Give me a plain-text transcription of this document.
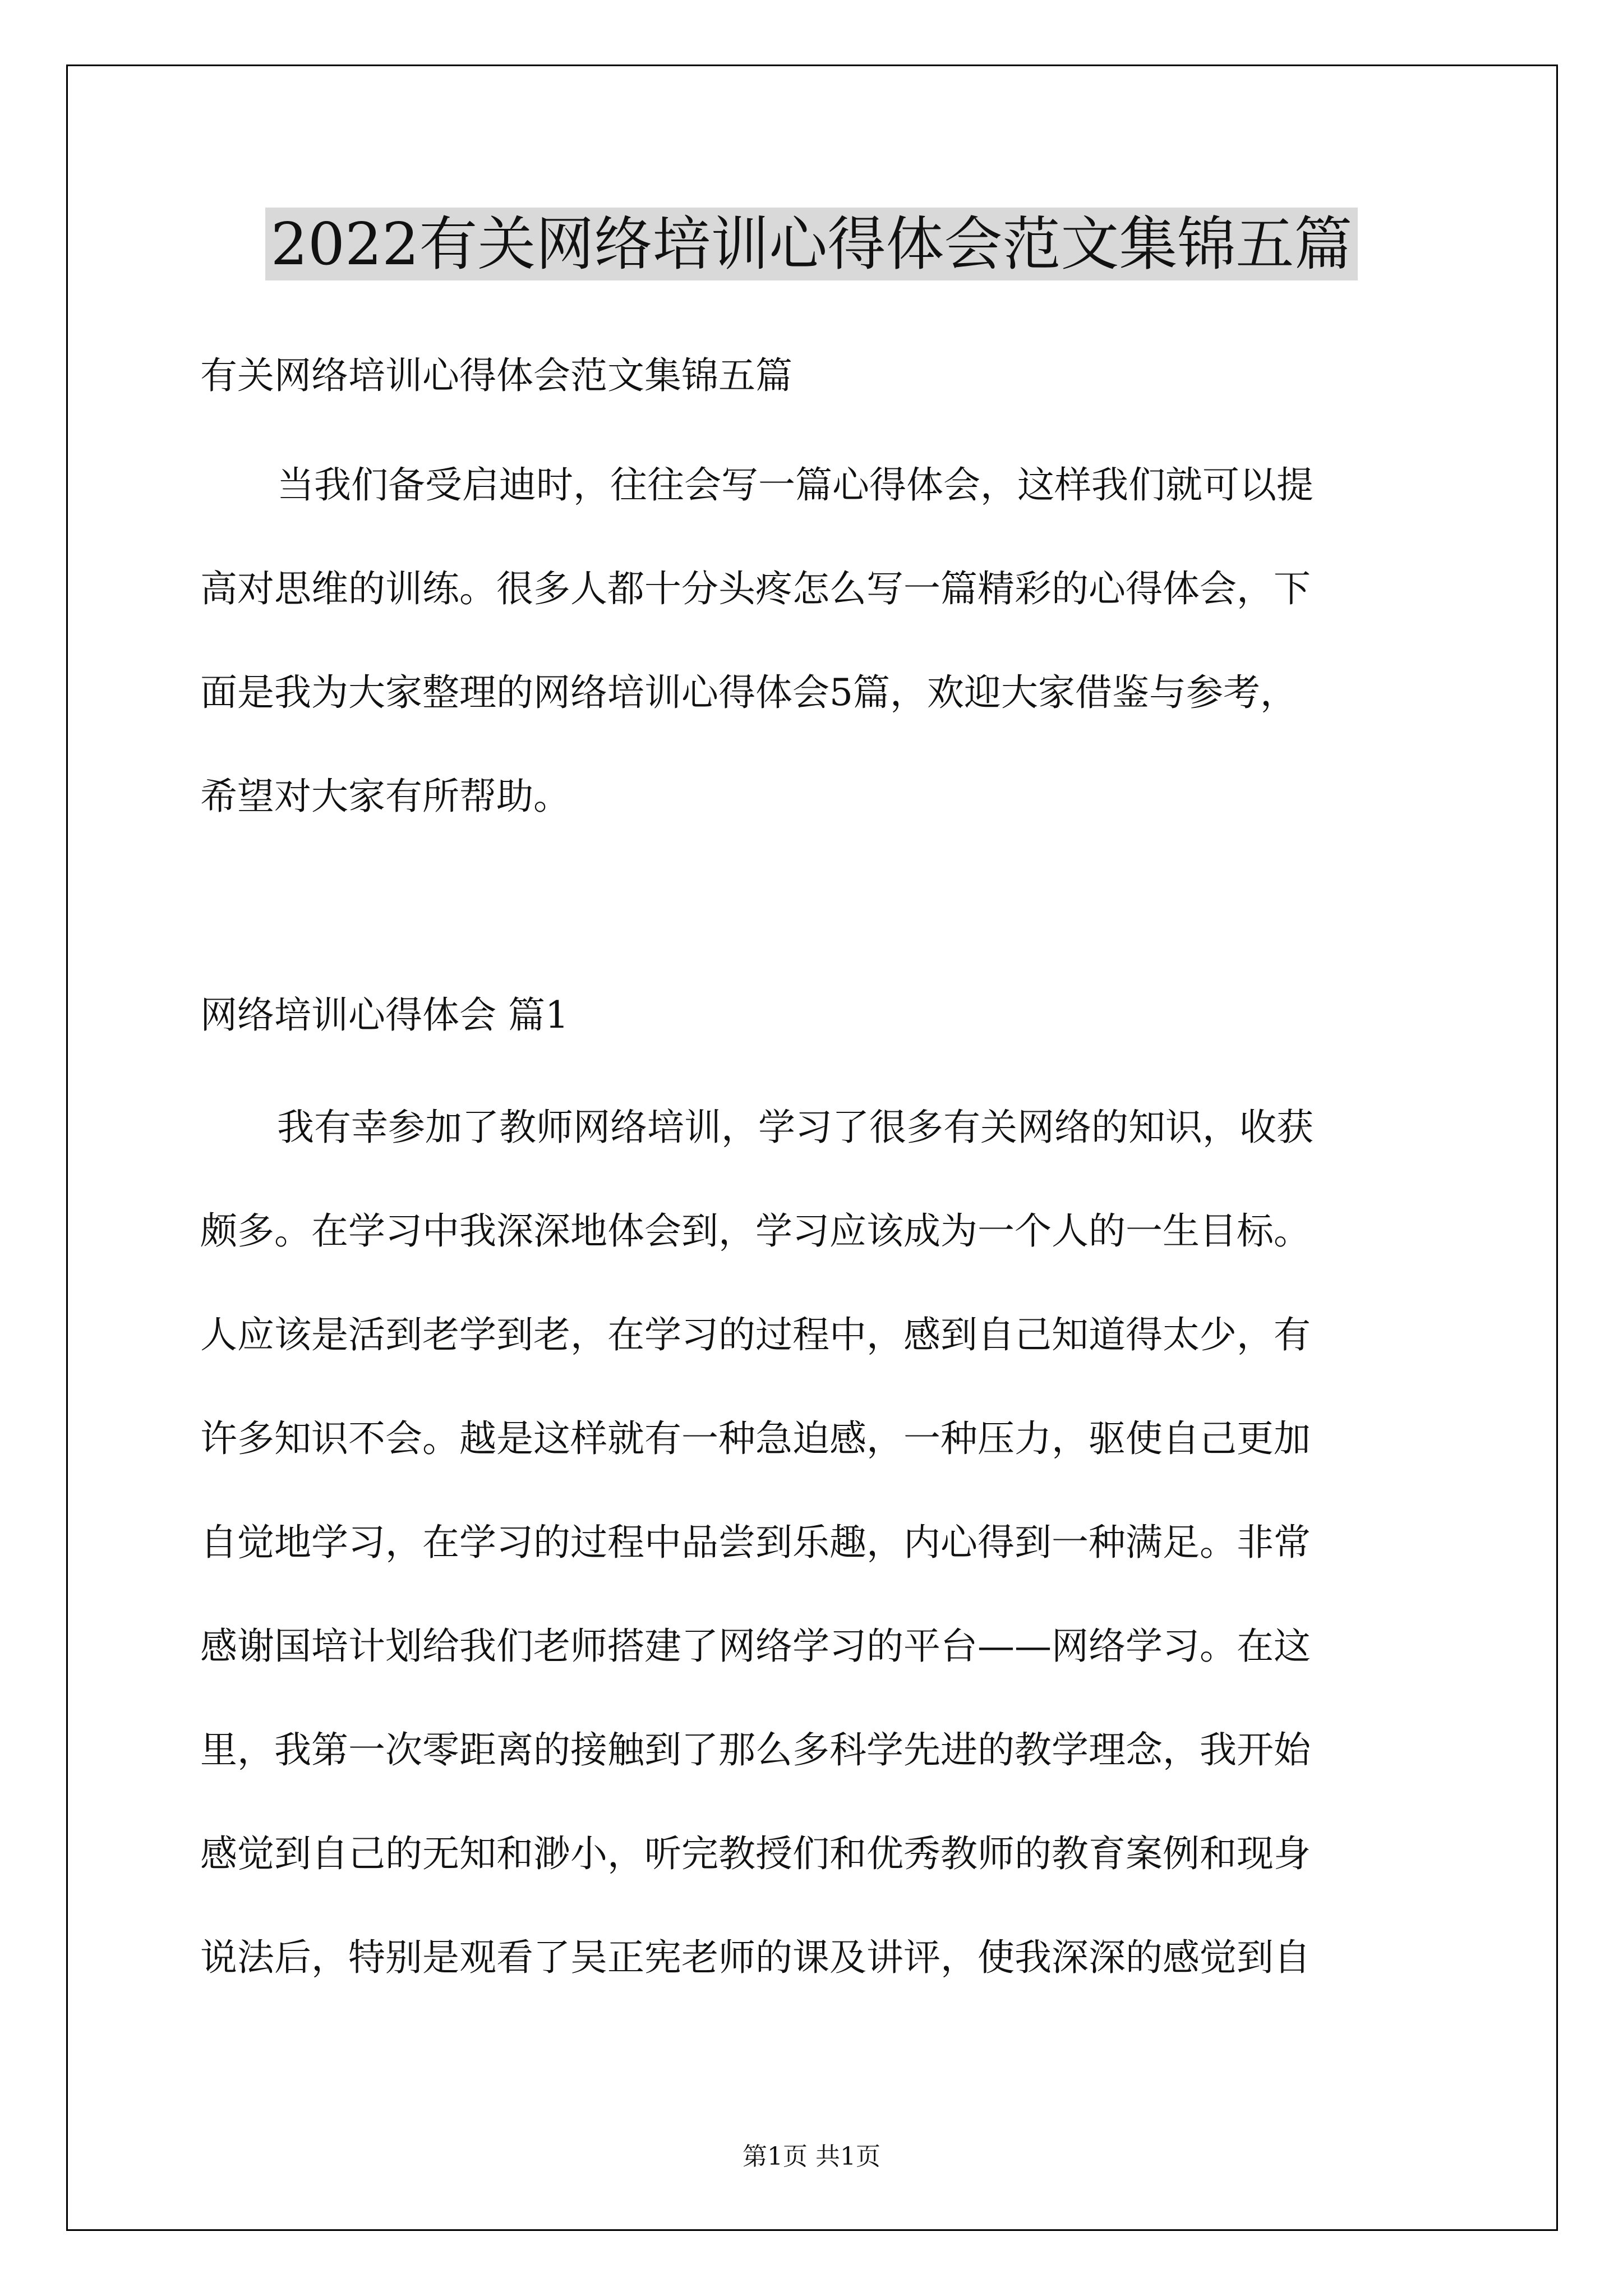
2022有关网络培训心得体会范文集锦五篇

有关网络培训心得体会范文集锦五篇

当我们备受启迪时，往往会写一篇心得体会，这样我们就可以提

高对思维的训练。很多人都十分头疼怎么写一篇精彩的心得体会，下

面是我为大家整理的网络培训心得体会5篇，欢迎大家借鉴与参考，

希望对大家有所帮助。

网络培训心得体会 篇1

我有幸参加了教师网络培训，学习了很多有关网络的知识，收获

颇多。在学习中我深深地体会到，学习应该成为一个人的一生目标。

人应该是活到老学到老，在学习的过程中，感到自己知道得太少，有

许多知识不会。越是这样就有一种急迫感，一种压力，驱使自己更加

自觉地学习，在学习的过程中品尝到乐趣，内心得到一种满足。非常

感谢国培计划给我们老师搭建了网络学习的平台——网络学习。在这

里，我第一次零距离的接触到了那么多科学先进的教学理念，我开始

感觉到自己的无知和渺小，听完教授们和优秀教师的教育案例和现身

说法后，特别是观看了吴正宪老师的课及讲评，使我深深的感觉到自

第1页 共1页
